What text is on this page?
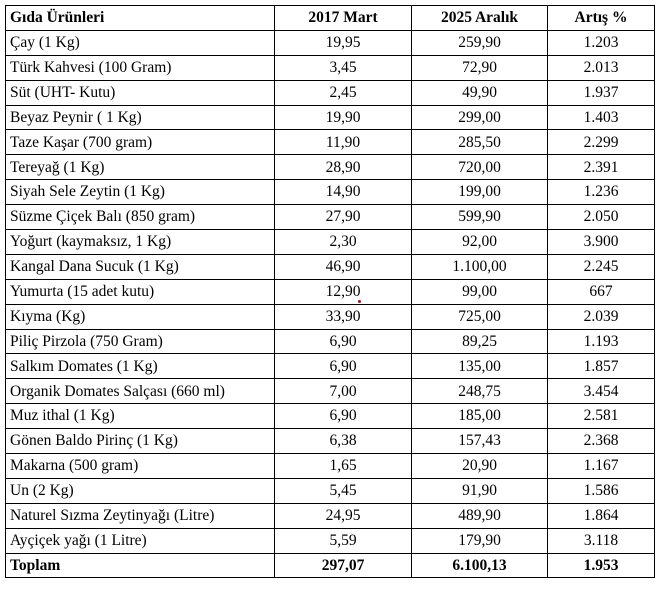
Gıda Ürünleri	2017 Mart	2025 Aralık	Artış %
Çay (1 Kg)	19,95	259,90	1.203
Türk Kahvesi (100 Gram)	3,45	72,90	2.013
Süt (UHT- Kutu)	2,45	49,90	1.937
Beyaz Peynir ( 1 Kg)	19,90	299,00	1.403
Taze Kaşar (700 gram)	11,90	285,50	2.299
Tereyağ (1 Kg)	28,90	720,00	2.391
Siyah Sele Zeytin (1 Kg)	14,90	199,00	1.236
Süzme Çiçek Balı (850 gram)	27,90	599,90	2.050
Yoğurt (kaymaksız, 1 Kg)	2,30	92,00	3.900
Kangal Dana Sucuk (1 Kg)	46,90	1.100,00	2.245
Yumurta (15 adet kutu)	12,90	99,00	667
Kıyma (Kg)	33,90	725,00	2.039
Piliç Pirzola (750 Gram)	6,90	89,25	1.193
Salkım Domates (1 Kg)	6,90	135,00	1.857
Organik Domates Salçası (660 ml)	7,00	248,75	3.454
Muz ithal (1 Kg)	6,90	185,00	2.581
Gönen Baldo Pirinç (1 Kg)	6,38	157,43	2.368
Makarna (500 gram)	1,65	20,90	1.167
Un (2 Kg)	5,45	91,90	1.586
Naturel Sızma Zeytinyağı (Litre)	24,95	489,90	1.864
Ayçiçek yağı (1 Litre)	5,59	179,90	3.118
Toplam	297,07	6.100,13	1.953
